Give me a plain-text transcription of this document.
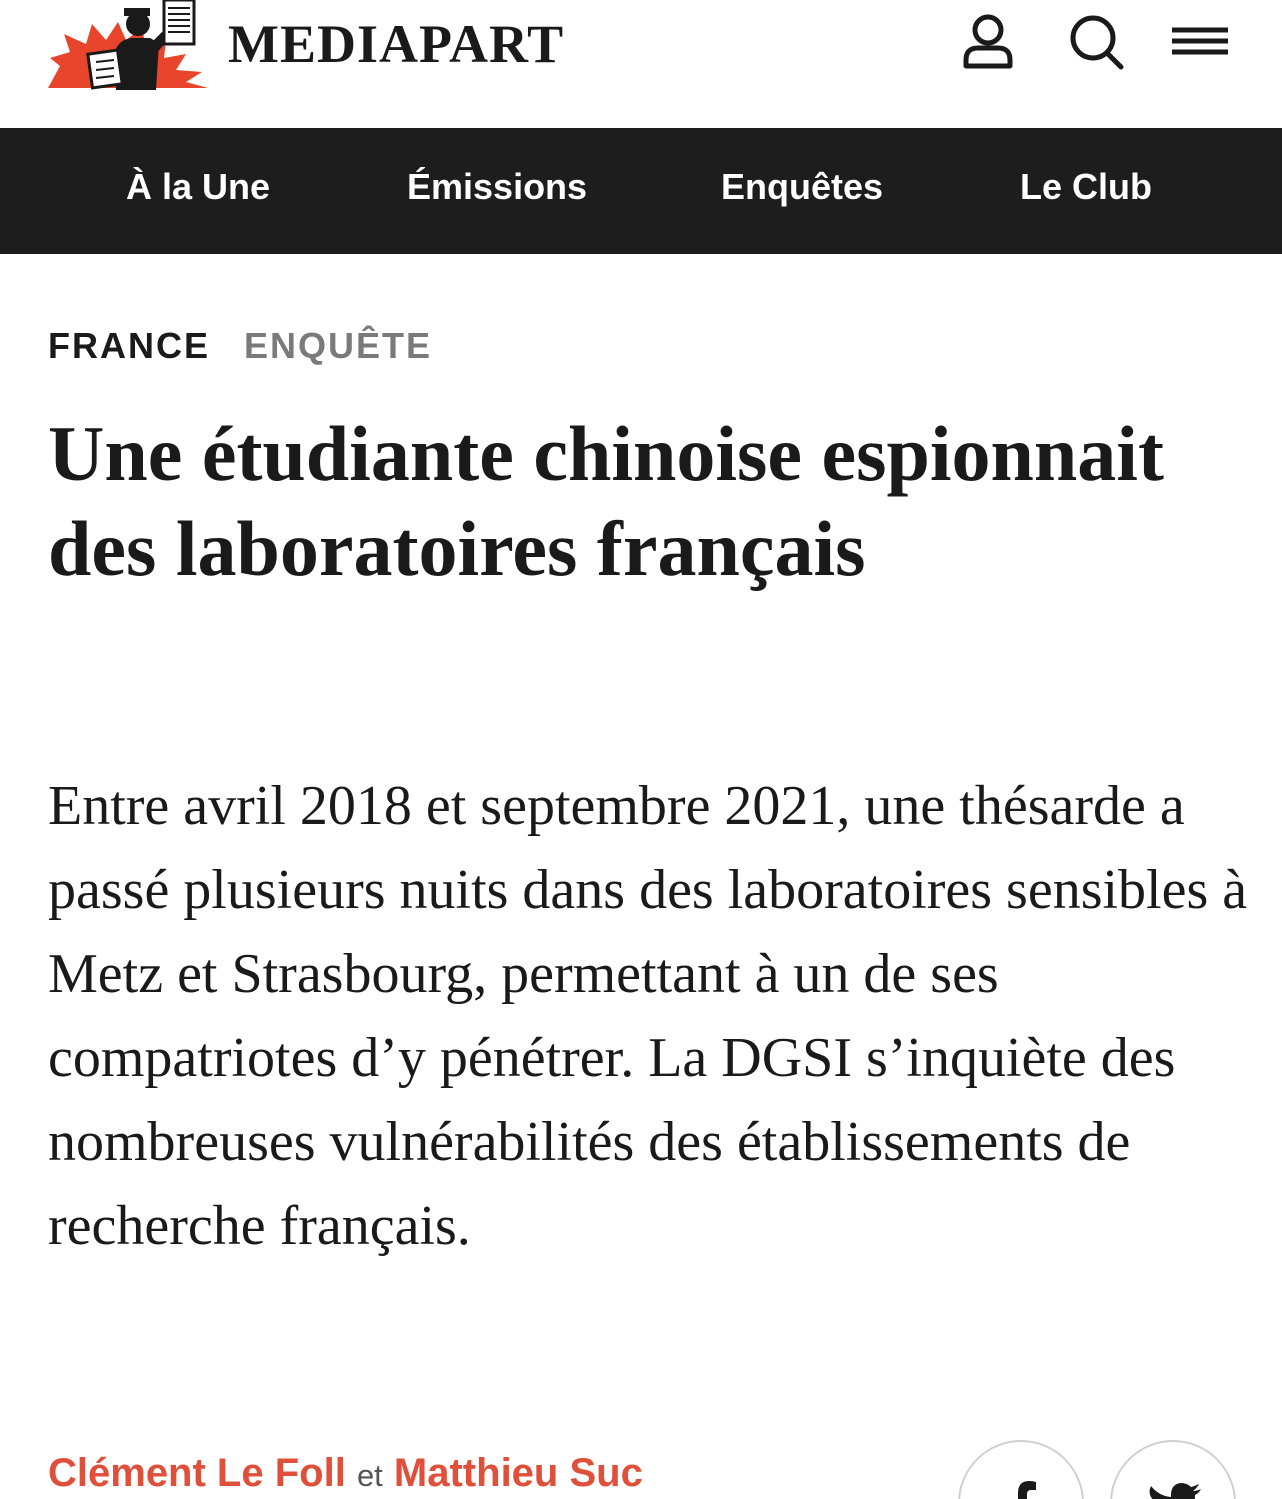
MEDIAPART
À la Une	Émissions	Enquêtes	Le Club
FRANCE ENQUÊTE
Une étudiante chinoise espionnait des laboratoires français

Entre avril 2018 et septembre 2021, une thésarde a passé plusieurs nuits dans des laboratoires sensibles à Metz et Strasbourg, permettant à un de ses compatriotes d’y pénétrer. La DGSI s’inquiète des nombreuses vulnérabilités des établissements de recherche français.

Clément Le Foll et Matthieu Suc
